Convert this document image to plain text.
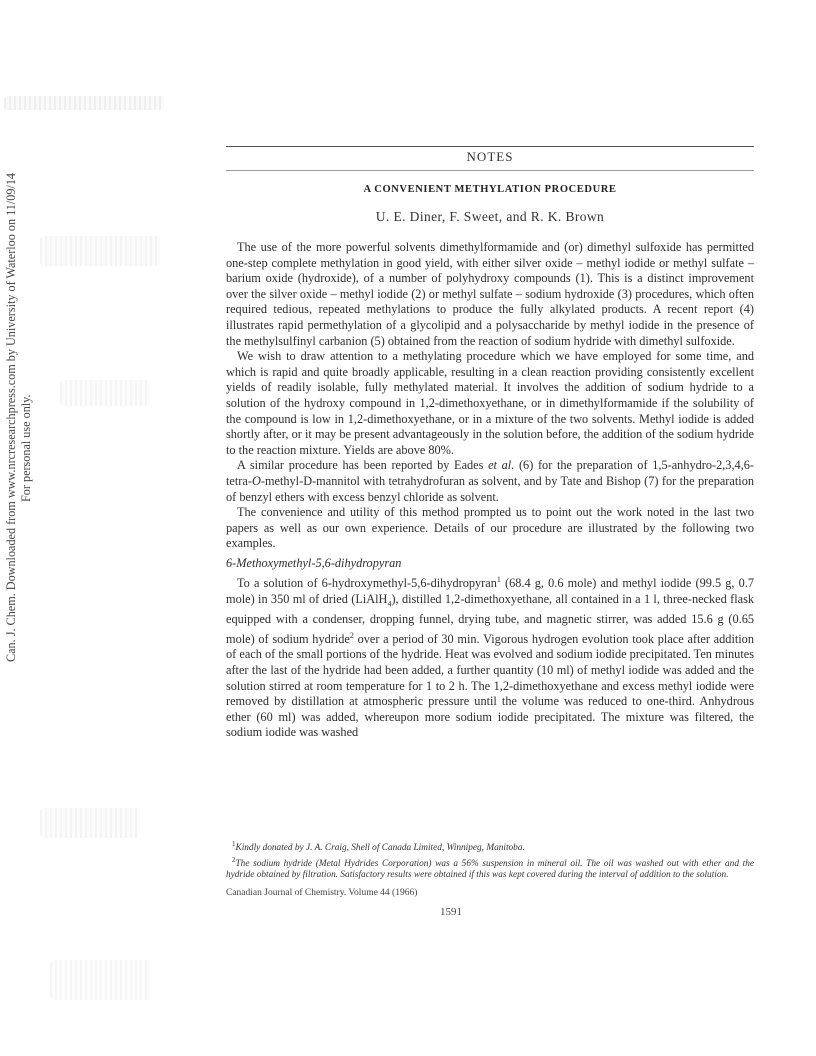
Can. J. Chem. Downloaded from www.nrcresearchpress.com by University of Waterloo on 11/09/14 For personal use only.
NOTES
A CONVENIENT METHYLATION PROCEDURE
U. E. Diner, F. Sweet, and R. K. Brown

The use of the more powerful solvents dimethylformamide and (or) dimethyl sulfoxide has permitted one-step complete methylation in good yield, with either silver oxide – methyl iodide or methyl sulfate – barium oxide (hydroxide), of a number of polyhydroxy compounds (1). This is a distinct improvement over the silver oxide – methyl iodide (2) or methyl sulfate – sodium hydroxide (3) procedures, which often required tedious, repeated methylations to produce the fully alkylated products. A recent report (4) illustrates rapid permethylation of a glycolipid and a polysaccharide by methyl iodide in the presence of the methylsulfinyl carbanion (5) obtained from the reaction of sodium hydride with dimethyl sulfoxide.

We wish to draw attention to a methylating procedure which we have employed for some time, and which is rapid and quite broadly applicable, resulting in a clean reaction providing consistently excellent yields of readily isolable, fully methylated material. It involves the addition of sodium hydride to a solution of the hydroxy compound in 1,2-dimethoxyethane, or in dimethylformamide if the solubility of the compound is low in 1,2-dimethoxyethane, or in a mixture of the two solvents. Methyl iodide is added shortly after, or it may be present advantageously in the solution before, the addition of the sodium hydride to the reaction mixture. Yields are above 80%.

A similar procedure has been reported by Eades et al. (6) for the preparation of 1,5-anhydro-2,3,4,6-tetra-O-methyl-D-mannitol with tetrahydrofuran as solvent, and by Tate and Bishop (7) for the preparation of benzyl ethers with excess benzyl chloride as solvent.

The convenience and utility of this method prompted us to point out the work noted in the last two papers as well as our own experience. Details of our procedure are illustrated by the following two examples.

6-Methoxymethyl-5,6-dihydropyran

To a solution of 6-hydroxymethyl-5,6-dihydropyran$^1$ (68.4 g, 0.6 mole) and methyl iodide (99.5 g, 0.7 mole) in 350 ml of dried (LiAlH$_4$), distilled 1,2-dimethoxyethane, all contained in a 1 l, three-necked flask equipped with a condenser, dropping funnel, drying tube, and magnetic stirrer, was added 15.6 g (0.65 mole) of sodium hydride$^2$ over a period of 30 min. Vigorous hydrogen evolution took place after addition of each of the small portions of the hydride. Heat was evolved and sodium iodide precipitated. Ten minutes after the last of the hydride had been added, a further quantity (10 ml) of methyl iodide was added and the solution stirred at room temperature for 1 to 2 h. The 1,2-dimethoxyethane and excess methyl iodide were removed by distillation at atmospheric pressure until the volume was reduced to one-third. Anhydrous ether (60 ml) was added, whereupon more sodium iodide precipitated. The mixture was filtered, the sodium iodide was washed

$^1$Kindly donated by J. A. Craig, Shell of Canada Limited, Winnipeg, Manitoba.

$^2$The sodium hydride (Metal Hydrides Corporation) was a 56% suspension in mineral oil. The oil was washed out with ether and the hydride obtained by filtration. Satisfactory results were obtained if this was kept covered during the interval of addition to the solution.

Canadian Journal of Chemistry. Volume 44 (1966)
1591
